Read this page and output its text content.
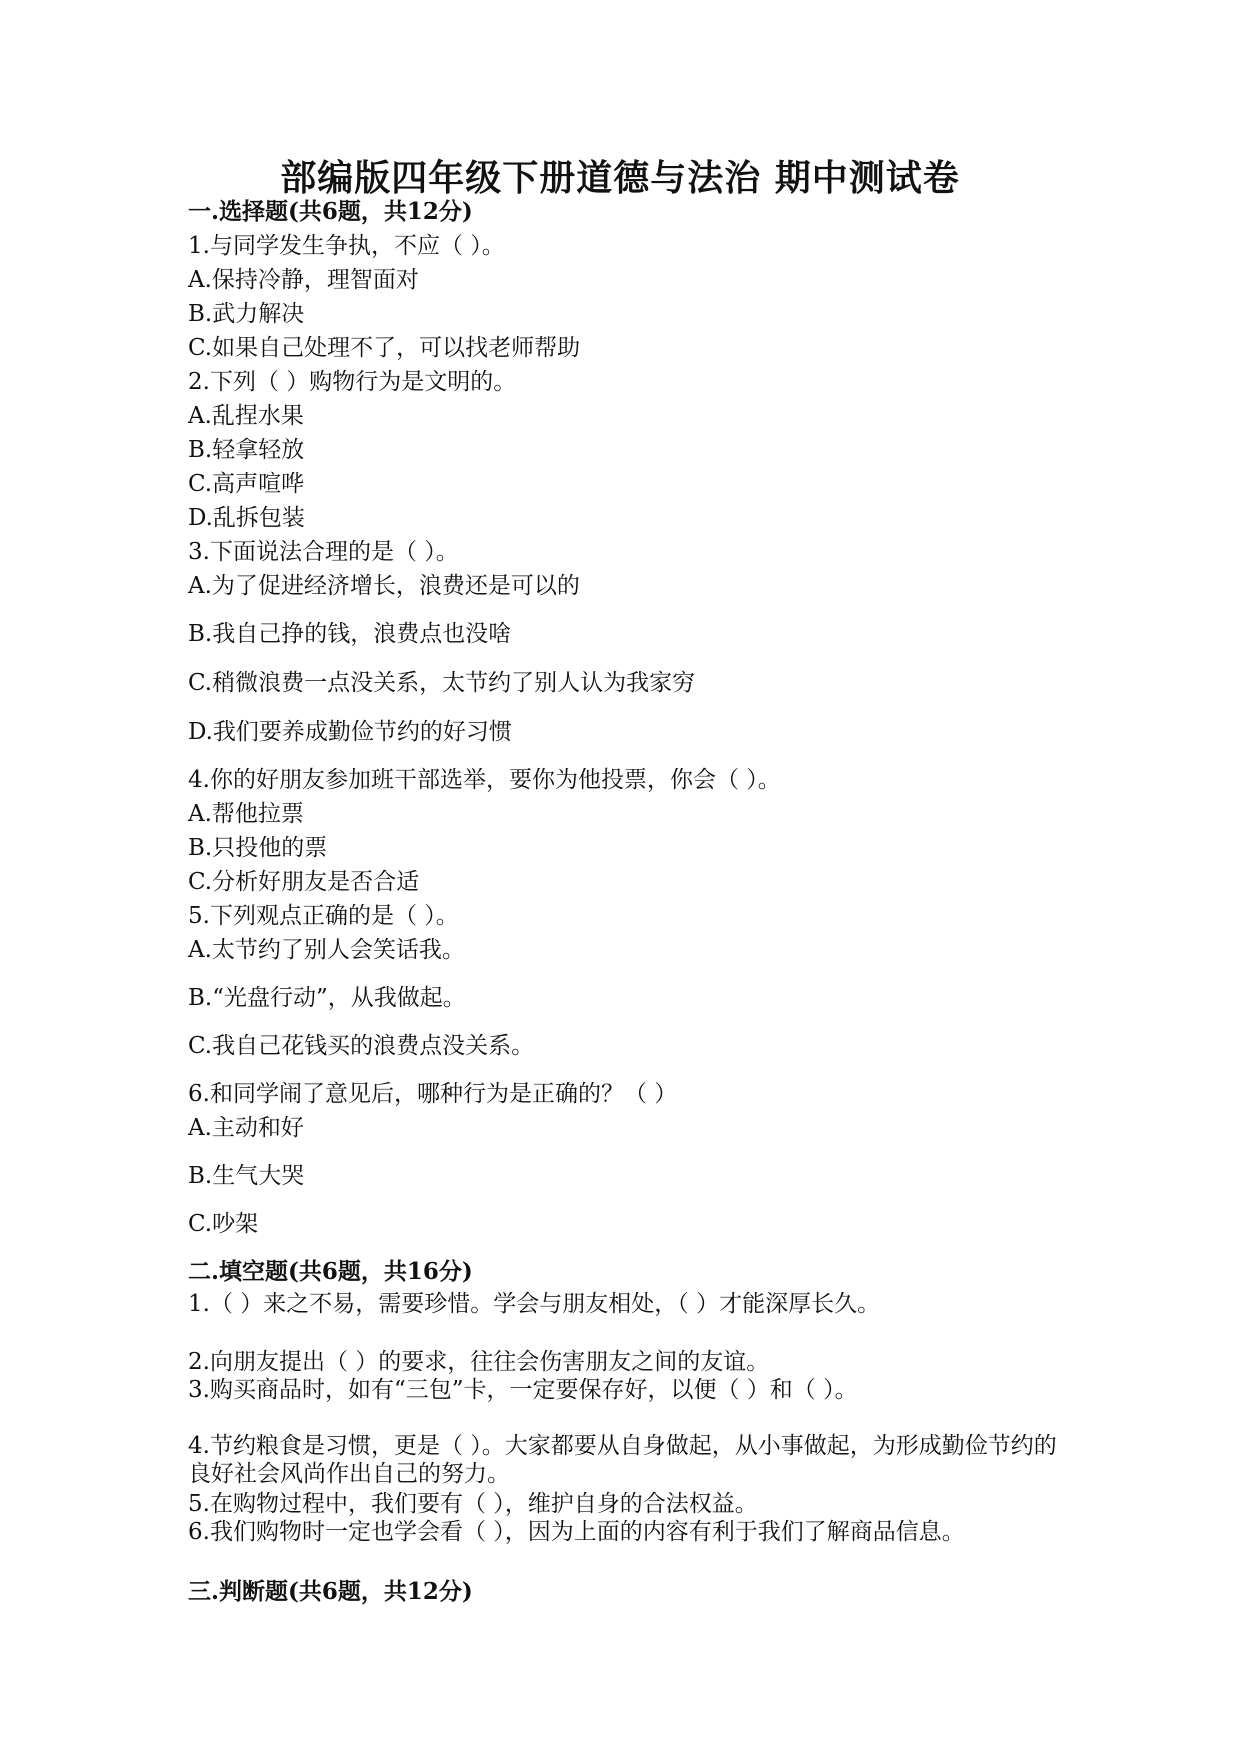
部编版四年级下册道德与法治 期中测试卷
一.选择题(共6题，共12分)
1.与同学发生争执，不应（ ）。
A.保持冷静，理智面对
B.武力解决
C.如果自己处理不了，可以找老师帮助
2.下列（ ）购物行为是文明的。
A.乱捏水果
B.轻拿轻放
C.高声喧哗
D.乱拆包装
3.下面说法合理的是（ ）。
A.为了促进经济增长，浪费还是可以的
B.我自己挣的钱，浪费点也没啥
C.稍微浪费一点没关系，太节约了别人认为我家穷
D.我们要养成勤俭节约的好习惯
4.你的好朋友参加班干部选举，要你为他投票，你会（ ）。
A.帮他拉票
B.只投他的票
C.分析好朋友是否合适
5.下列观点正确的是（ ）。
A.太节约了别人会笑话我。
B.“光盘行动”，从我做起。
C.我自己花钱买的浪费点没关系。
6.和同学闹了意见后，哪种行为是正确的？（ ）
A.主动和好
B.生气大哭
C.吵架
二.填空题(共6题，共16分)
1.（ ）来之不易，需要珍惜。学会与朋友相处，（ ）才能深厚长久。
2.向朋友提出（ ）的要求，往往会伤害朋友之间的友谊。
3.购买商品时，如有“三包”卡，一定要保存好，以便（ ）和（ ）。
4.节约粮食是习惯，更是（ ）。大家都要从自身做起，从小事做起，为形成勤俭节约的良好社会风尚作出自己的努力。
5.在购物过程中，我们要有（ ），维护自身的合法权益。
6.我们购物时一定也学会看（ ），因为上面的内容有利于我们了解商品信息。
三.判断题(共6题，共12分)
